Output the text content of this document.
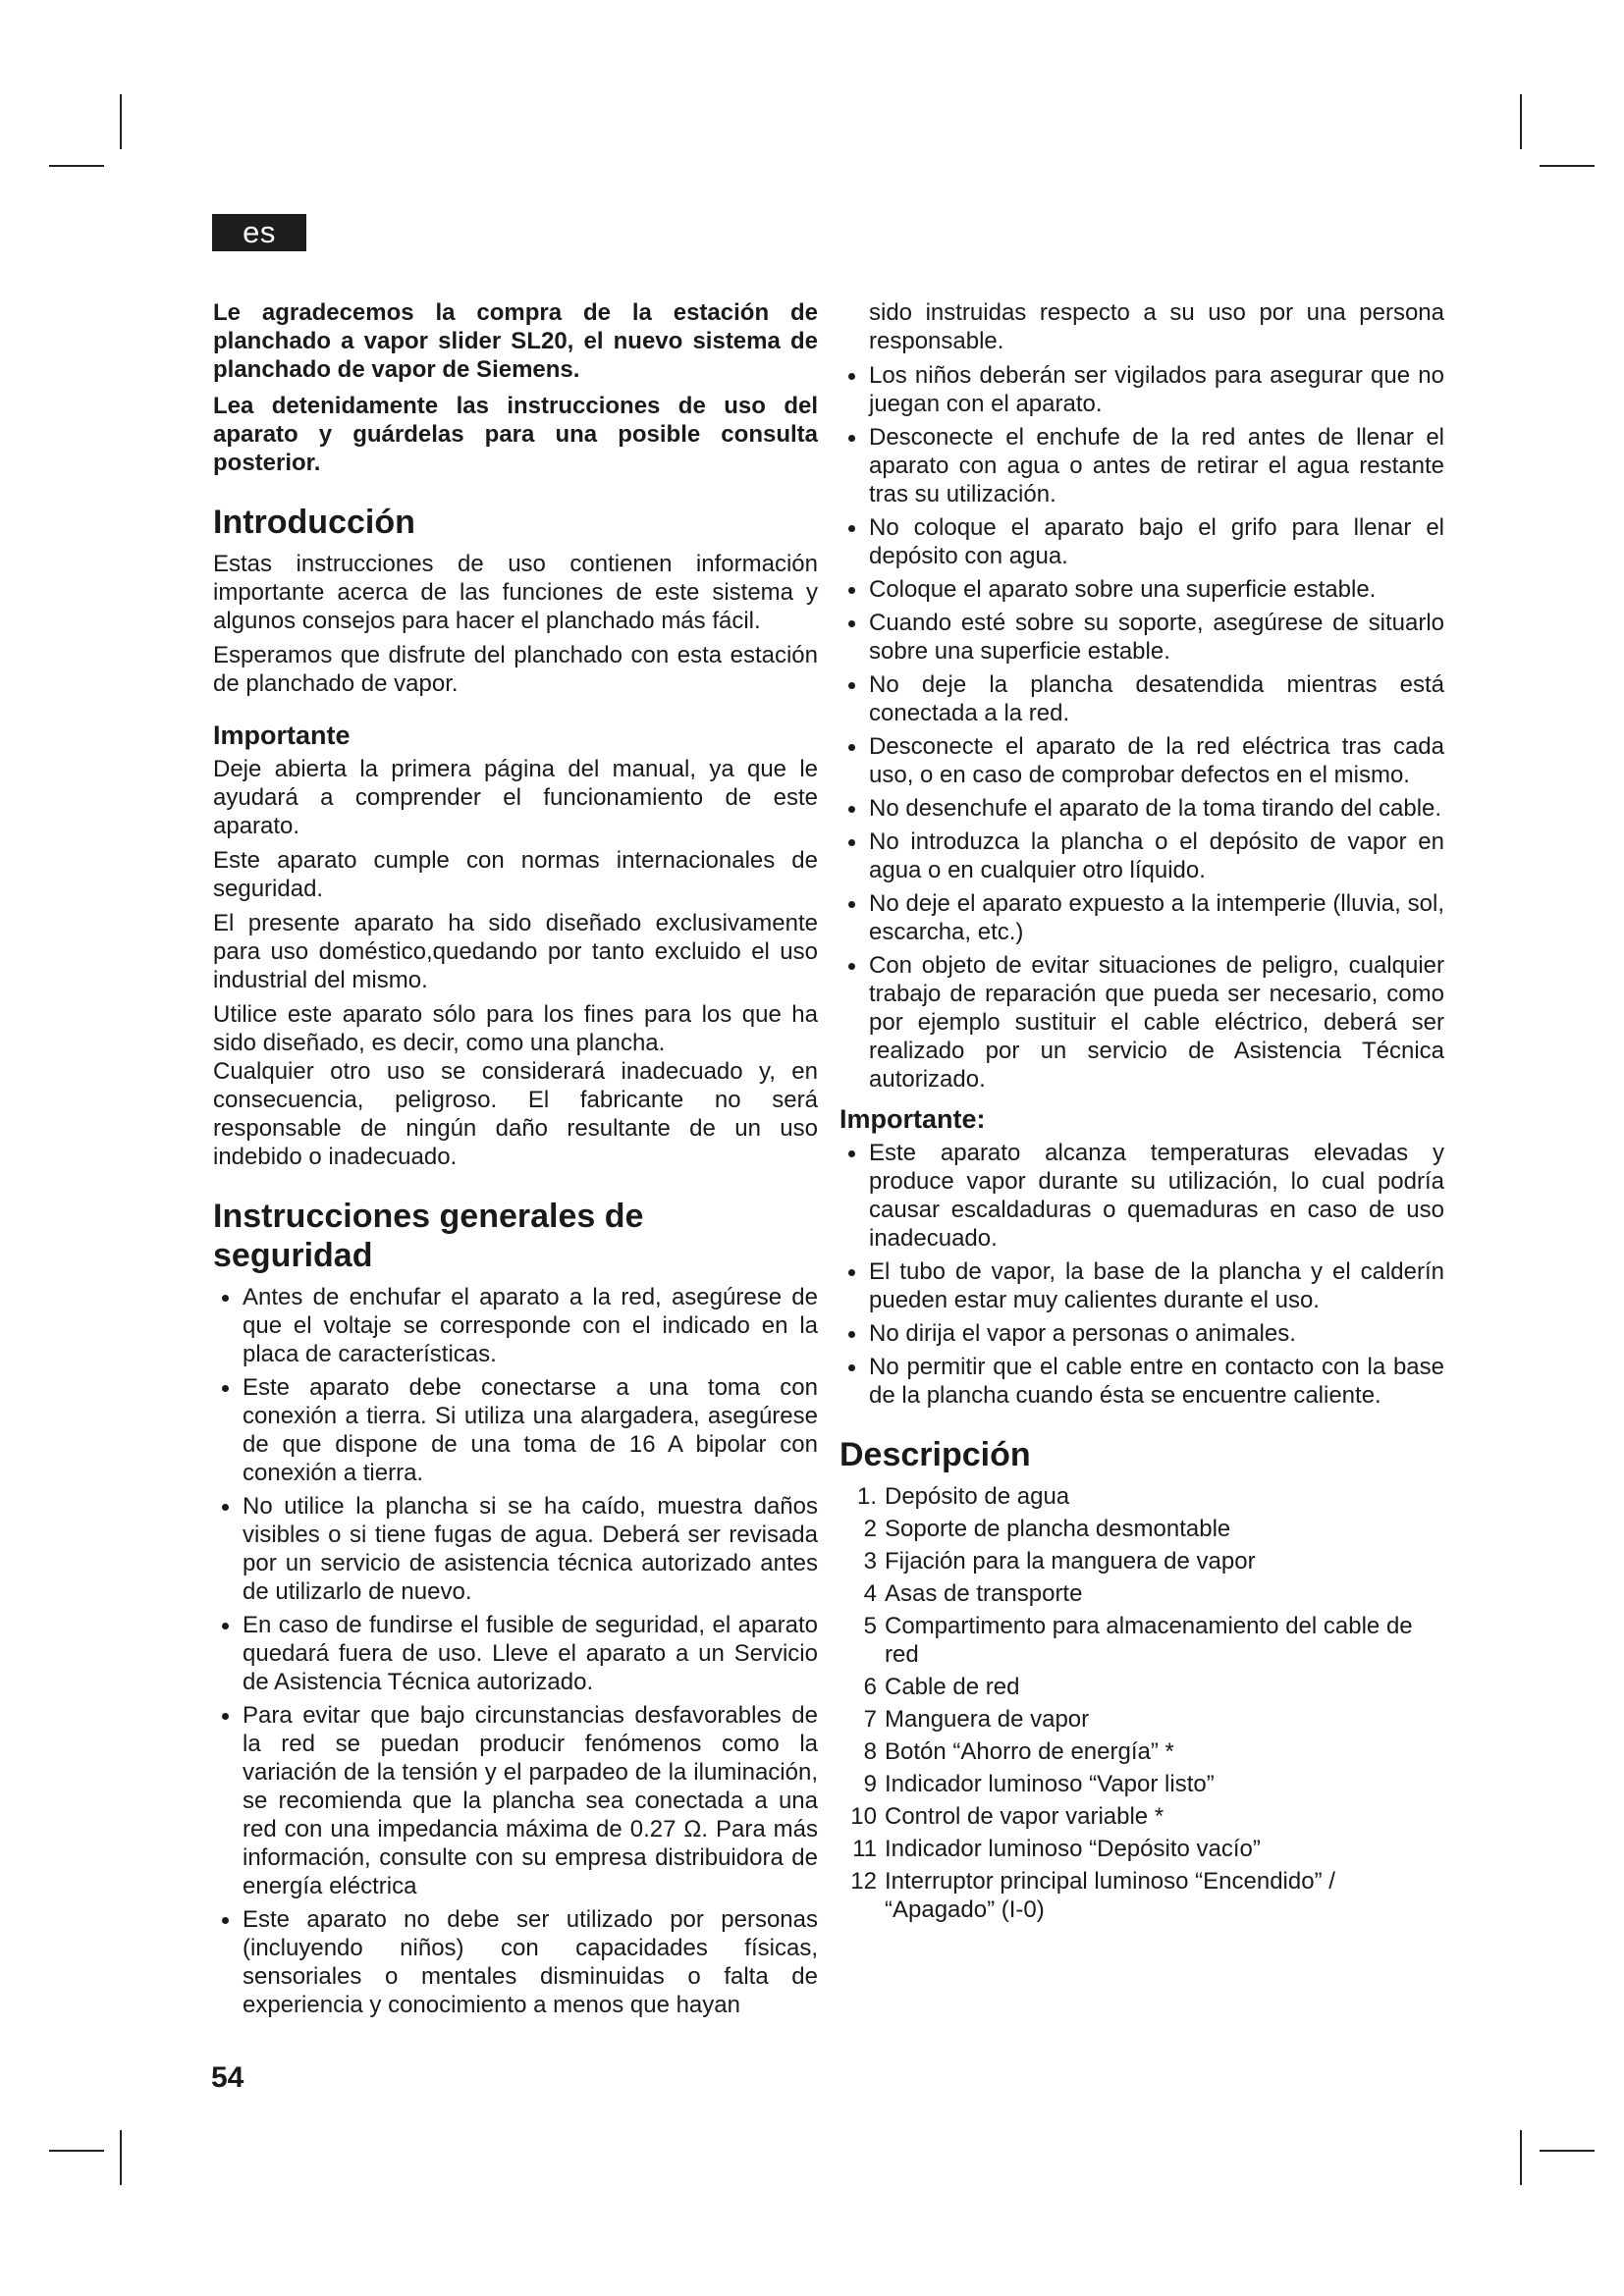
es

Le agradecemos la compra de la estación de planchado a vapor slider SL20, el nuevo sistema de planchado de vapor de Siemens.

Lea detenidamente las instrucciones de uso del aparato y guárdelas para una posible consulta posterior.

Introducción

Estas instrucciones de uso contienen información importante acerca de las funciones de este sistema y algunos consejos para hacer el planchado más fácil.

Esperamos que disfrute del planchado con esta estación de planchado de vapor.

Importante

Deje abierta la primera página del manual, ya que le ayudará a comprender el funcionamiento de este aparato.

Este aparato cumple con normas internacionales de seguridad.

El presente aparato ha sido diseñado exclusivamente para uso doméstico,quedando por tanto excluido el uso industrial del mismo.

Utilice este aparato sólo para los fines para los que ha sido diseñado, es decir, como una plancha.

Cualquier otro uso se considerará inadecuado y, en consecuencia, peligroso. El fabricante no será responsable de ningún daño resultante de un uso indebido o inadecuado.

Instrucciones generales de seguridad
Antes de enchufar el aparato a la red, asegúrese de que el voltaje se corresponde con el indicado en la placa de características.
Este aparato debe conectarse a una toma con conexión a tierra. Si utiliza una alargadera, asegúrese de que dispone de una toma de 16 A bipolar con conexión a tierra.
No utilice la plancha si se ha caído, muestra daños visibles o si tiene fugas de agua. Deberá ser revisada por un servicio de asistencia técnica autorizado antes de utilizarlo de nuevo.
En caso de fundirse el fusible de seguridad, el aparato quedará fuera de uso. Lleve el aparato a un Servicio de Asistencia Técnica autorizado.
Para evitar que bajo circunstancias desfavorables de la red se puedan producir fenómenos como la variación de la tensión y el parpadeo de la iluminación, se recomienda que la plancha sea conectada a una red con una impedancia máxima de 0.27 Ω. Para más información, consulte con su empresa distribuidora de energía eléctrica
Este aparato no debe ser utilizado por personas (incluyendo niños) con capacidades físicas, sensoriales o mentales disminuidas o falta de experiencia y conocimiento a menos que hayan

sido instruidas respecto a su uso por una persona responsable.

Los niños deberán ser vigilados para asegurar que no juegan con el aparato.
Desconecte el enchufe de la red antes de llenar el aparato con agua o antes de retirar el agua restante tras su utilización.
No coloque el aparato bajo el grifo para llenar el depósito con agua.
Coloque el aparato sobre una superficie estable.
Cuando esté sobre su soporte, asegúrese de situarlo sobre una superficie estable.
No deje la plancha desatendida mientras está conectada a la red.
Desconecte el aparato de la red eléctrica tras cada uso, o en caso de comprobar defectos en el mismo.
No desenchufe el aparato de la toma tirando del cable.
No introduzca la plancha o el depósito de vapor en agua o en cualquier otro líquido.
No deje el aparato expuesto a la intemperie (lluvia, sol, escarcha, etc.)
Con objeto de evitar situaciones de peligro, cualquier trabajo de reparación que pueda ser necesario, como por ejemplo sustituir el cable eléctrico, deberá ser realizado por un servicio de Asistencia Técnica autorizado.
Importante:
Este aparato alcanza temperaturas elevadas y produce vapor durante su utilización, lo cual podría causar escaldaduras o quemaduras en caso de uso inadecuado.
El tubo de vapor, la base de la plancha y el calderín pueden estar muy calientes durante el uso.
No dirija el vapor a personas o animales.
No permitir que el cable entre en contacto con la base de la plancha cuando ésta se encuentre caliente.
Descripción
1. Depósito de agua
2 Soporte de plancha desmontable
3 Fijación para la manguera de vapor
4 Asas de transporte
5 Compartimento para almacenamiento del cable de red
6 Cable de red
7 Manguera de vapor
8 Botón “Ahorro de energía” *
9 Indicador luminoso “Vapor listo”
10 Control de vapor variable *
11 Indicador luminoso “Depósito vacío”
12 Interruptor principal luminoso “Encendido” / “Apagado” (I-0)
54
